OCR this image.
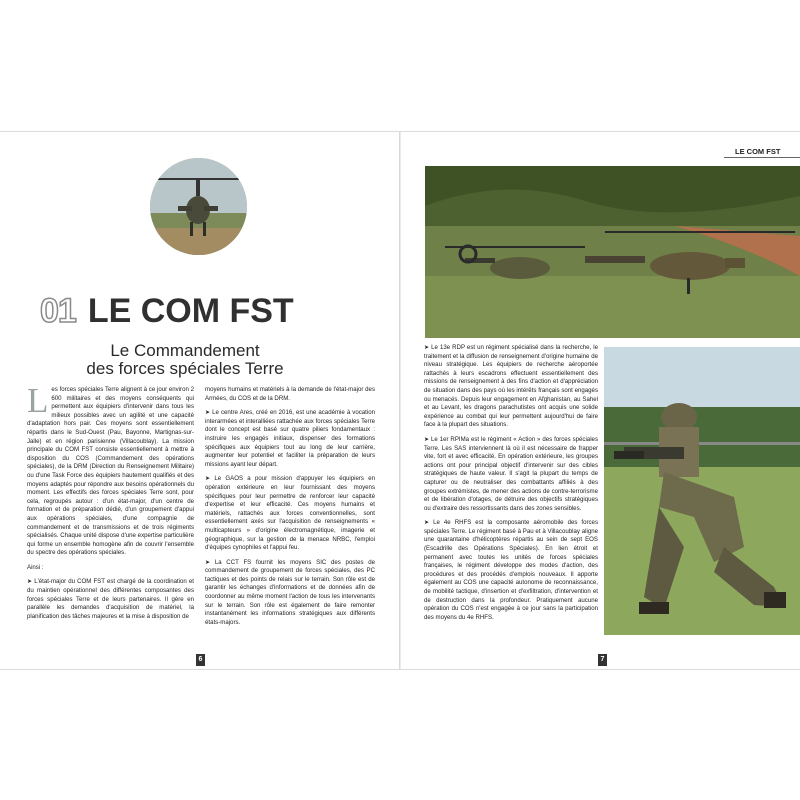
01 LE COM FST
Le Commandement
des forces spéciales Terre

Les forces spéciales Terre alignent à ce jour environ 2 600 militaires et des moyens conséquents qui permettent aux équipiers d'intervenir dans tous les milieux possibles avec un agilité et une capacité d'adaptation hors pair. Ces moyens sont essentiellement répartis dans le Sud-Ouest (Pau, Bayonne, Martignas-sur-Jalle) et en région parisienne (Villacoublay). La mission principale du COM FST consiste essentiellement à mettre à disposition du COS (Commandement des opérations spéciales), de la DRM (Direction du Renseignement Militaire) ou d'une Task Force des équipiers hautement qualifiés et des moyens adaptés pour répondre aux besoins opérationnels du moment. Les effectifs des forces spéciales Terre sont, pour cela, regroupés autour : d'un état-major, d'un centre de formation et de préparation dédié, d'un groupement d'appui aux opérations spéciales, d'une compagnie de commandement et de transmissions et de trois régiments spécialisés. Chaque unité dispose d'une expertise particulière qui forme un ensemble homogène afin de couvrir l'ensemble du spectre des opérations spéciales.

Ainsi :

➤ L'état-major du COM FST est chargé de la coordination et du maintien opérationnel des différentes composantes des forces spéciales Terre et de leurs partenaires. Il gère en parallèle les demandes d'acquisition de matériel, la planification des tâches majeures et la mise à disposition de

moyens humains et matériels à la demande de l'état-major des Armées, du COS et de la DRM.

➤ Le centre Ares, créé en 2016, est une académie à vocation interarmées et interalliées rattachée aux forces spéciales Terre dont le concept est basé sur quatre piliers fondamentaux : instruire les engagés initiaux, dispenser des formations spécifiques aux équipiers tout au long de leur carrière, augmenter leur potentiel et faciliter la préparation de leurs missions ayant leur départ.

➤ Le GAOS a pour mission d'appuyer les équipiers en opération extérieure en leur fournissant des moyens spécifiques pour leur permettre de renforcer leur capacité d'expertise et leur efficacité. Ces moyens humains et matériels, rattachés aux forces conventionnelles, sont essentiellement axés sur l'acquisition de renseignements « multicapteurs » d'origine électromagnétique, imagerie et géographique, sur la gestion de la menace NRBC, l'emploi d'équipes cynophiles et l'appui feu.

➤ La CCT FS fournit les moyens SIC des postes de commandement de groupement de forces spéciales, des PC tactiques et des points de relais sur le terrain. Son rôle est de garantir les échanges d'informations et de données afin de coordonner au même moment l'action de tous les intervenants sur le terrain. Son rôle est également de faire remonter instantanément les informations stratégiques aux différents états-majors.

6
LE COM FST

➤ Le 13e RDP est un régiment spécialisé dans la recherche, le traitement et la diffusion de renseignement d'origine humaine de niveau stratégique. Les équipiers de recherche aéroportée rattachés à leurs escadrons effectuent essentiellement des missions de renseignement à des fins d'action et d'appréciation de situation dans des pays où les intérêts français sont engagés ou menacés. Depuis leur engagement en Afghanistan, au Sahel et au Levant, les dragons parachutistes ont acquis une solide expérience au combat qui leur permettent aujourd'hui de faire face à la plupart des situations.

➤ Le 1er RPIMa est le régiment « Action » des forces spéciales Terre. Les SAS interviennent là où il est nécessaire de frapper vite, fort et avec efficacité. En opération extérieure, les groupes actions ont pour principal objectif d'intervenir sur des cibles stratégiques de haute valeur. Il s'agit la plupart du temps de capturer ou de neutraliser des combattants affiliés à des groupes extrémistes, de mener des actions de contre-terrorisme et de libération d'otages, de détruire des objectifs stratégiques ou d'extraire des ressortissants dans des zones sensibles.

➤ Le 4e RHFS est la composante aéromobile des forces spéciales Terre. Le régiment basé à Pau et à Villacoublay aligne une quarantaine d'hélicoptères répartis au sein de sept EOS (Escadrille des Opérations Spéciales). En lien étroit et permanent avec toutes les unités de forces spéciales françaises, le régiment développe des modes d'action, des procédures et des procédés d'emplois nouveaux. Il apporte également au COS une capacité autonome de reconnaissance, de mobilité tactique, d'insertion et d'exfiltration, d'intervention et de destruction dans la profondeur. Pratiquement aucune opération du COS n'est engagée à ce jour sans la participation des moyens du 4e RHFS.

7
